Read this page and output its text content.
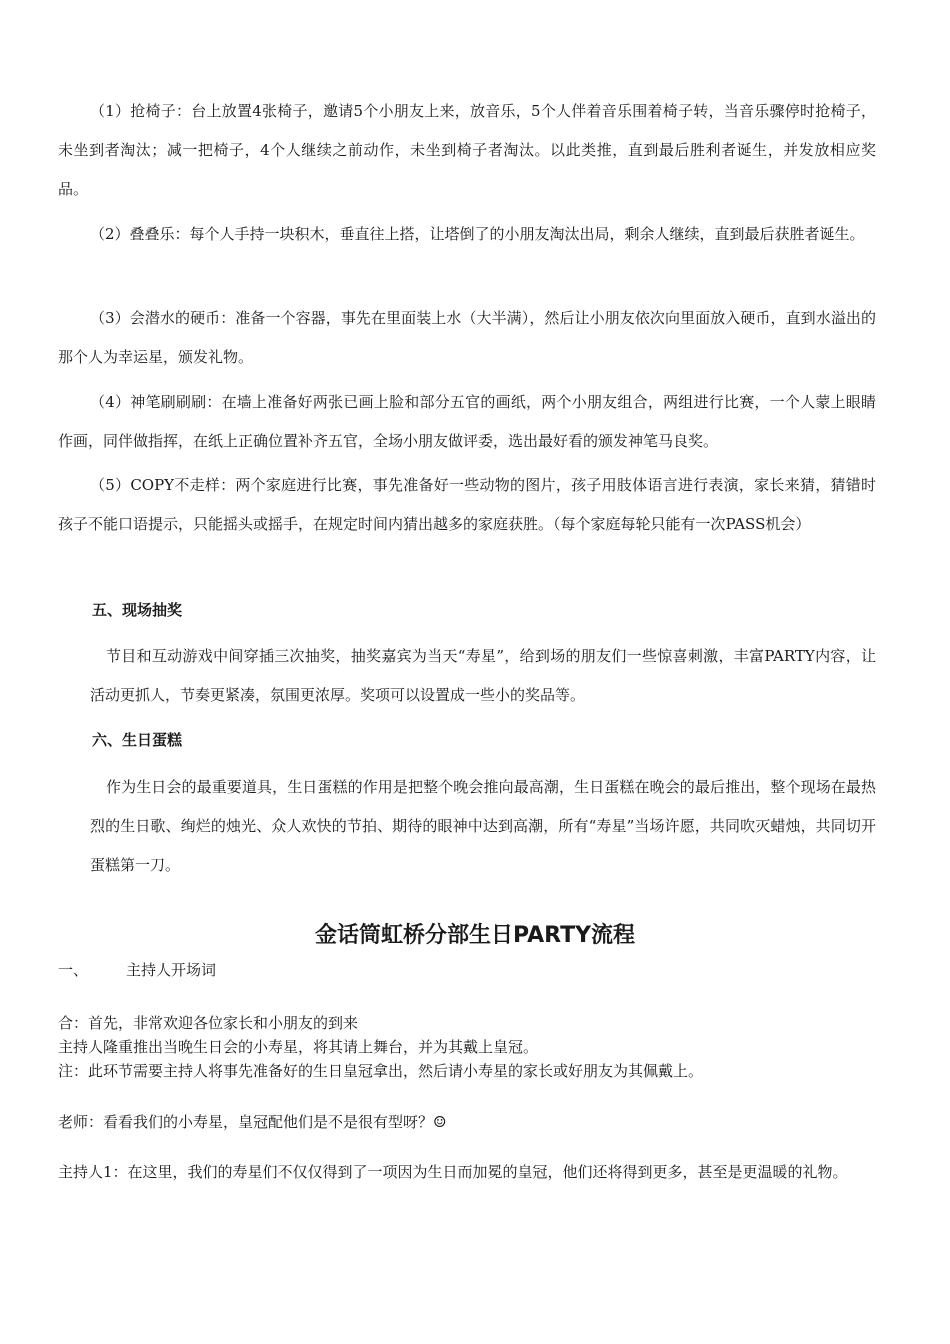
（1）抢椅子：台上放置4张椅子，邀请5个小朋友上来，放音乐，5个人伴着音乐围着椅子转，当音乐骤停时抢椅子，未坐到者淘汰；减一把椅子，4个人继续之前动作，未坐到椅子者淘汰。以此类推，直到最后胜利者诞生，并发放相应奖品。

（2）叠叠乐：每个人手持一块积木，垂直往上搭，让塔倒了的小朋友淘汰出局，剩余人继续，直到最后获胜者诞生。

（3）会潜水的硬币：准备一个容器，事先在里面装上水（大半满），然后让小朋友依次向里面放入硬币，直到水溢出的那个人为幸运星，颁发礼物。

（4）神笔刷刷刷：在墙上准备好两张已画上脸和部分五官的画纸，两个小朋友组合，两组进行比赛，一个人蒙上眼睛作画，同伴做指挥，在纸上正确位置补齐五官，全场小朋友做评委，选出最好看的颁发神笔马良奖。

（5）COPY不走样：两个家庭进行比赛，事先准备好一些动物的图片，孩子用肢体语言进行表演，家长来猜，猜错时孩子不能口语提示，只能摇头或摇手，在规定时间内猜出越多的家庭获胜。（每个家庭每轮只能有一次PASS机会）

五、现场抽奖

节目和互动游戏中间穿插三次抽奖，抽奖嘉宾为当天“寿星”，给到场的朋友们一些惊喜刺激，丰富PARTY内容，让活动更抓人，节奏更紧凑，氛围更浓厚。奖项可以设置成一些小的奖品等。

六、生日蛋糕

作为生日会的最重要道具，生日蛋糕的作用是把整个晚会推向最高潮，生日蛋糕在晚会的最后推出，整个现场在最热烈的生日歌、绚烂的烛光、众人欢快的节拍、期待的眼神中达到高潮，所有“寿星”当场许愿，共同吹灭蜡烛，共同切开蛋糕第一刀。

金话筒虹桥分部生日PARTY流程
一、	主持人开场词
合：首先，非常欢迎各位家长和小朋友的到来
主持人隆重推出当晚生日会的小寿星，将其请上舞台，并为其戴上皇冠。
注：此环节需要主持人将事先准备好的生日皇冠拿出，然后请小寿星的家长或好朋友为其佩戴上。
老师：看看我们的小寿星，皇冠配他们是不是很有型呀？☺
主持人1：在这里，我们的寿星们不仅仅得到了一项因为生日而加冕的皇冠，他们还将得到更多，甚至是更温暖的礼物。
